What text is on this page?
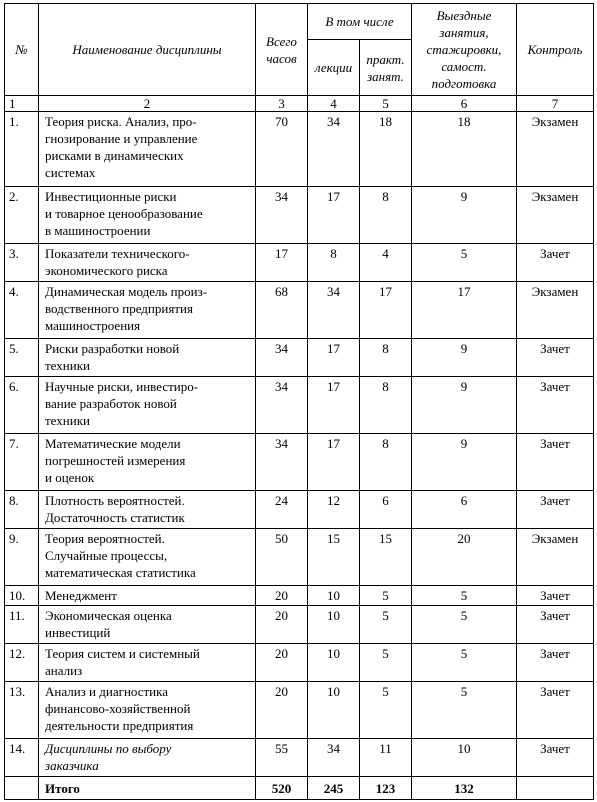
№	Наименование дисциплины	Всего часов	В том числе		Выездные занятия, стажировки, самост. подготовка	Контроль
			лекции	практ. занят.		
1	2	3	4	5	6	7
1.	Теория риска. Анализ, про-
гнозирование и управление
рисками в динамических
системах	70	34	18	18	Экзамен
2.	Инвестиционные риски
и товарное ценообразование
в машиностроении	34	17	8	9	Экзамен
3.	Показатели технического-
экономического риска	17	8	4	5	Зачет
4.	Динамическая модель произ-
водственного предприятия
машиностроения	68	34	17	17	Экзамен
5.	Риски разработки новой
техники	34	17	8	9	Зачет
6.	Научные риски, инвестиро-
вание разработок новой
техники	34	17	8	9	Зачет
7.	Математические модели
погрешностей измерения
и оценок	34	17	8	9	Зачет
8.	Плотность вероятностей.
Достаточность статистик	24	12	6	6	Зачет
9.	Теория вероятностей.
Случайные процессы,
математическая статистика	50	15	15	20	Экзамен
10.	Менеджмент	20	10	5	5	Зачет
11.	Экономическая оценка
инвестиций	20	10	5	5	Зачет
12.	Теория систем и системный
анализ	20	10	5	5	Зачет
13.	Анализ и диагностика
финансово-хозяйственной
деятельности предприятия	20	10	5	5	Зачет
14.	Дисциплины по выбору
заказчика	55	34	11	10	Зачет
	Итого	520	245	123	132	
